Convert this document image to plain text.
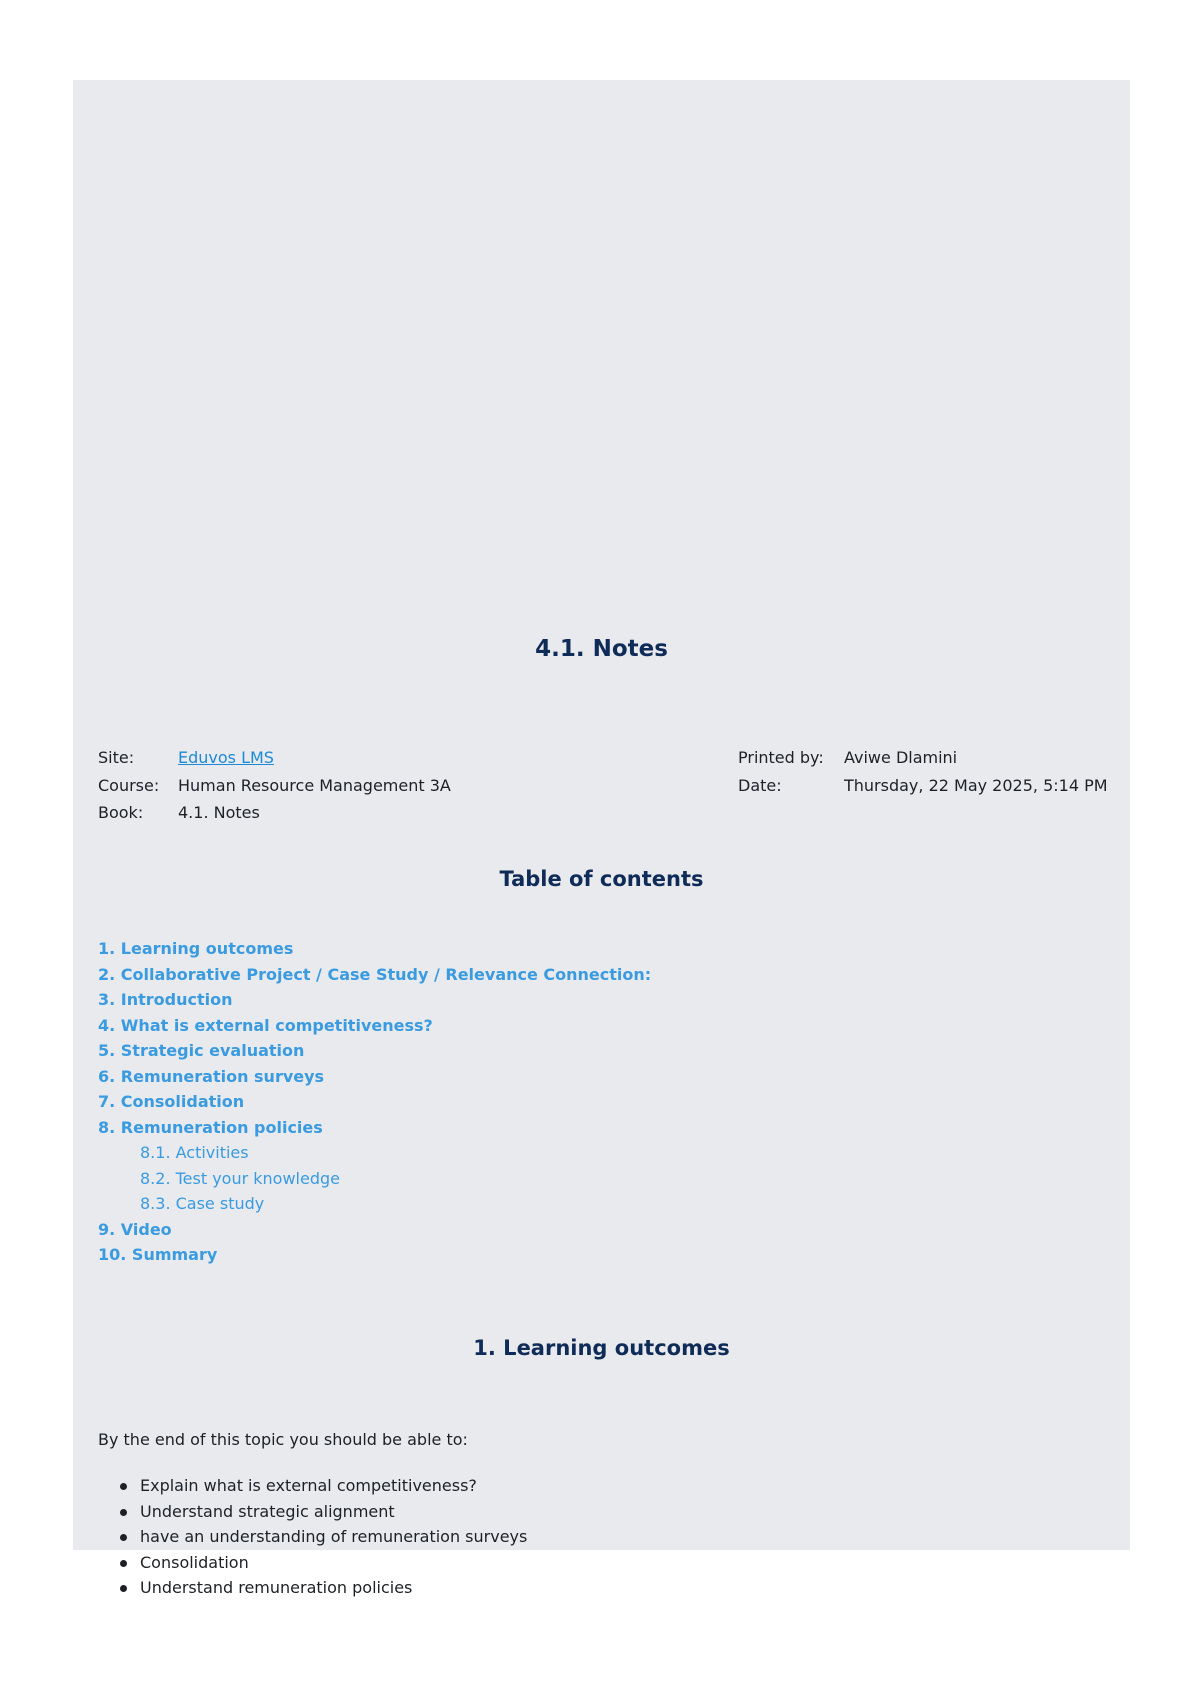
4.1. Notes
Site:	Eduvos LMS
Course:	Human Resource Management 3A
Book:	4.1. Notes
Printed by:	Aviwe Dlamini
Date:	Thursday, 22 May 2025, 5:14 PM
Table of contents
1. Learning outcomes
2. Collaborative Project / Case Study / Relevance Connection:
3. Introduction
4. What is external competitiveness?
5. Strategic evaluation
6. Remuneration surveys
7. Consolidation
8. Remuneration policies
8.1. Activities
8.2. Test your knowledge
8.3. Case study
9. Video
10. Summary
1. Learning outcomes

By the end of this topic you should be able to:

Explain what is external competitiveness?
Understand strategic alignment
have an understanding of remuneration surveys
Consolidation
Understand remuneration policies
